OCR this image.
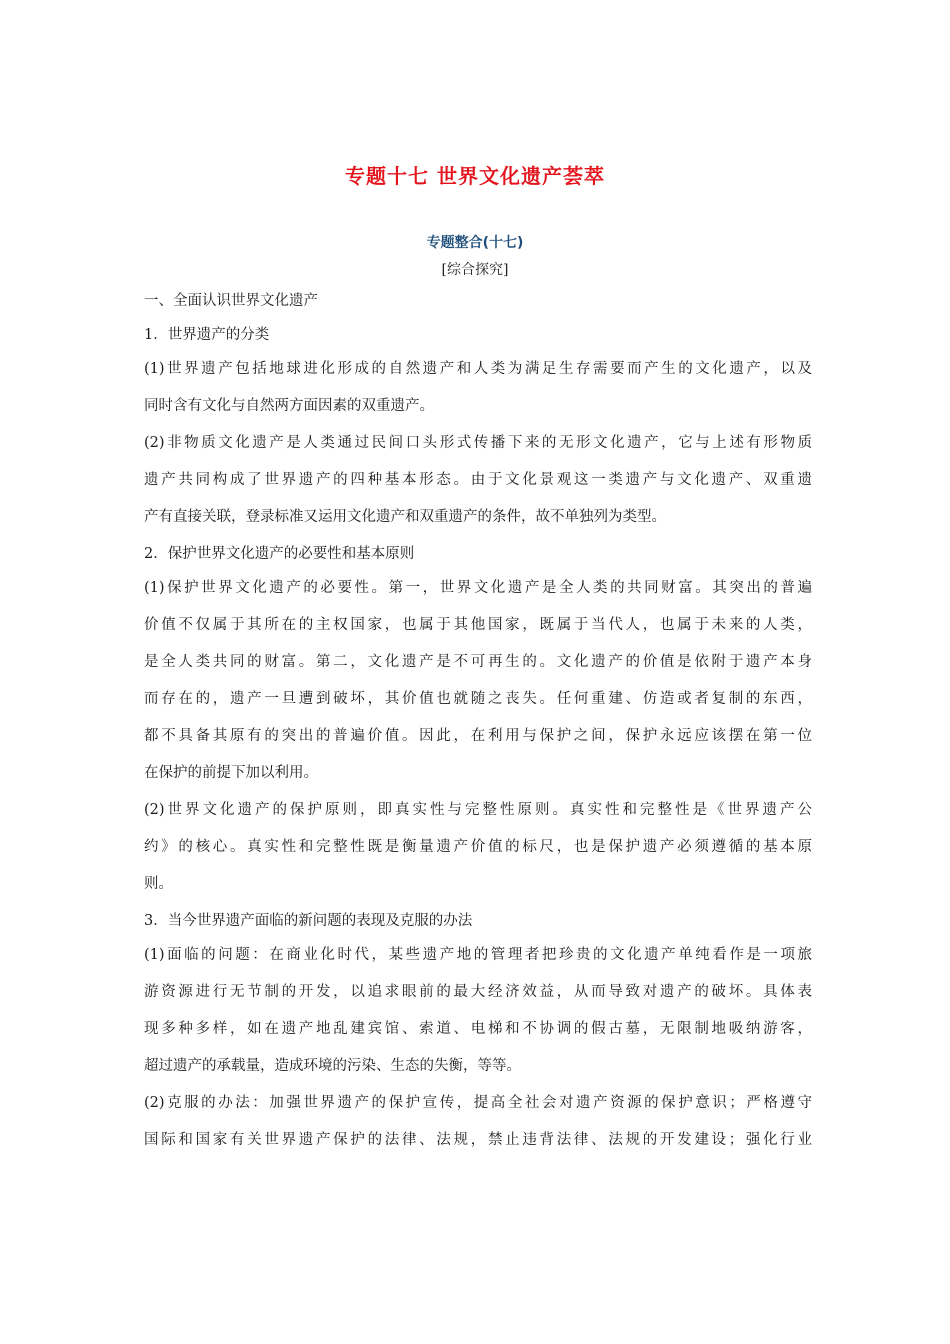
专题十七 世界文化遗产荟萃
专题整合(十七)
[综合探究]
一、全面认识世界文化遗产
1．世界遗产的分类
(1)世界遗产包括地球进化形成的自然遗产和人类为满足生存需要而产生的文化遗产，以及
同时含有文化与自然两方面因素的双重遗产。
(2)非物质文化遗产是人类通过民间口头形式传播下来的无形文化遗产，它与上述有形物质
遗产共同构成了世界遗产的四种基本形态。由于文化景观这一类遗产与文化遗产、双重遗
产有直接关联，登录标准又运用文化遗产和双重遗产的条件，故不单独列为类型。
2．保护世界文化遗产的必要性和基本原则
(1)保护世界文化遗产的必要性。第一，世界文化遗产是全人类的共同财富。其突出的普遍
价值不仅属于其所在的主权国家，也属于其他国家，既属于当代人，也属于未来的人类，
是全人类共同的财富。第二，文化遗产是不可再生的。文化遗产的价值是依附于遗产本身
而存在的，遗产一旦遭到破坏，其价值也就随之丧失。任何重建、仿造或者复制的东西，
都不具备其原有的突出的普遍价值。因此，在利用与保护之间，保护永远应该摆在第一位
在保护的前提下加以利用。
(2)世界文化遗产的保护原则，即真实性与完整性原则。真实性和完整性是《世界遗产公
约》的核心。真实性和完整性既是衡量遗产价值的标尺，也是保护遗产必须遵循的基本原
则。
3．当今世界遗产面临的新问题的表现及克服的办法
(1)面临的问题：在商业化时代，某些遗产地的管理者把珍贵的文化遗产单纯看作是一项旅
游资源进行无节制的开发，以追求眼前的最大经济效益，从而导致对遗产的破坏。具体表
现多种多样，如在遗产地乱建宾馆、索道、电梯和不协调的假古墓，无限制地吸纳游客，
超过遗产的承载量，造成环境的污染、生态的失衡，等等。
(2)克服的办法：加强世界遗产的保护宣传，提高全社会对遗产资源的保护意识；严格遵守
国际和国家有关世界遗产保护的法律、法规，禁止违背法律、法规的开发建设；强化行业
